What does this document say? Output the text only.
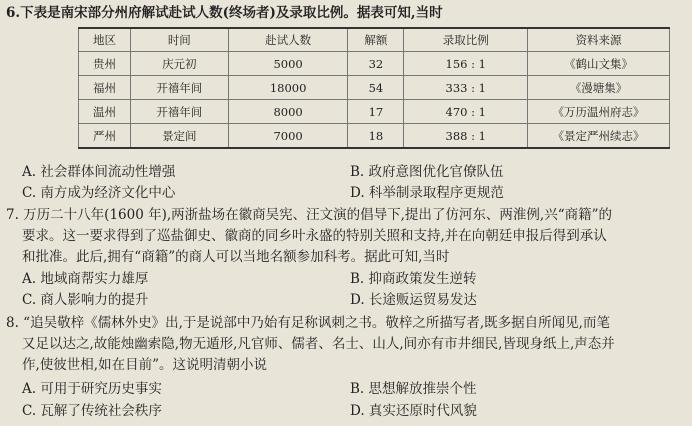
6.下表是南宋部分州府解试赴试人数(终场者)及录取比例。据表可知,当时
地区	时间	赴试人数	解额	录取比例	资料来源
贵州	庆元初	5000	32	156 : 1	《鹤山文集》
福州	开禧年间	18000	54	333 : 1	《漫塘集》
温州	开禧年间	8000	17	470 : 1	《万历温州府志》
严州	景定间	7000	18	388 : 1	《景定严州续志》
A. 社会群体间流动性增强	B. 政府意图优化官僚队伍
C. 南方成为经济文化中心	D. 科举制录取程序更规范
7. 万历二十八年(1600 年),两浙盐场在徽商吴宪、汪文演的倡导下,提出了仿河东、两淮例,兴“商籍”的
要求。这一要求得到了巡盐御史、徽商的同乡叶永盛的特别关照和支持,并在向朝廷申报后得到承认
和批准。此后,拥有“商籍”的商人可以当地名额参加科考。据此可知,当时
A. 地域商帮实力雄厚	B. 抑商政策发生逆转
C. 商人影响力的提升	D. 长途贩运贸易发达
8. “追吴敬梓《儒林外史》出,于是说部中乃始有足称讽刺之书。敬梓之所描写者,既多据自所闻见,而笔
又足以达之,故能烛幽索隐,物无遁形,凡官师、儒者、名士、山人,间亦有市井细民,皆现身纸上,声态并
作,使彼世相,如在目前”。这说明清朝小说
A. 可用于研究历史事实	B. 思想解放推崇个性
C. 瓦解了传统社会秩序	D. 真实还原时代风貌
